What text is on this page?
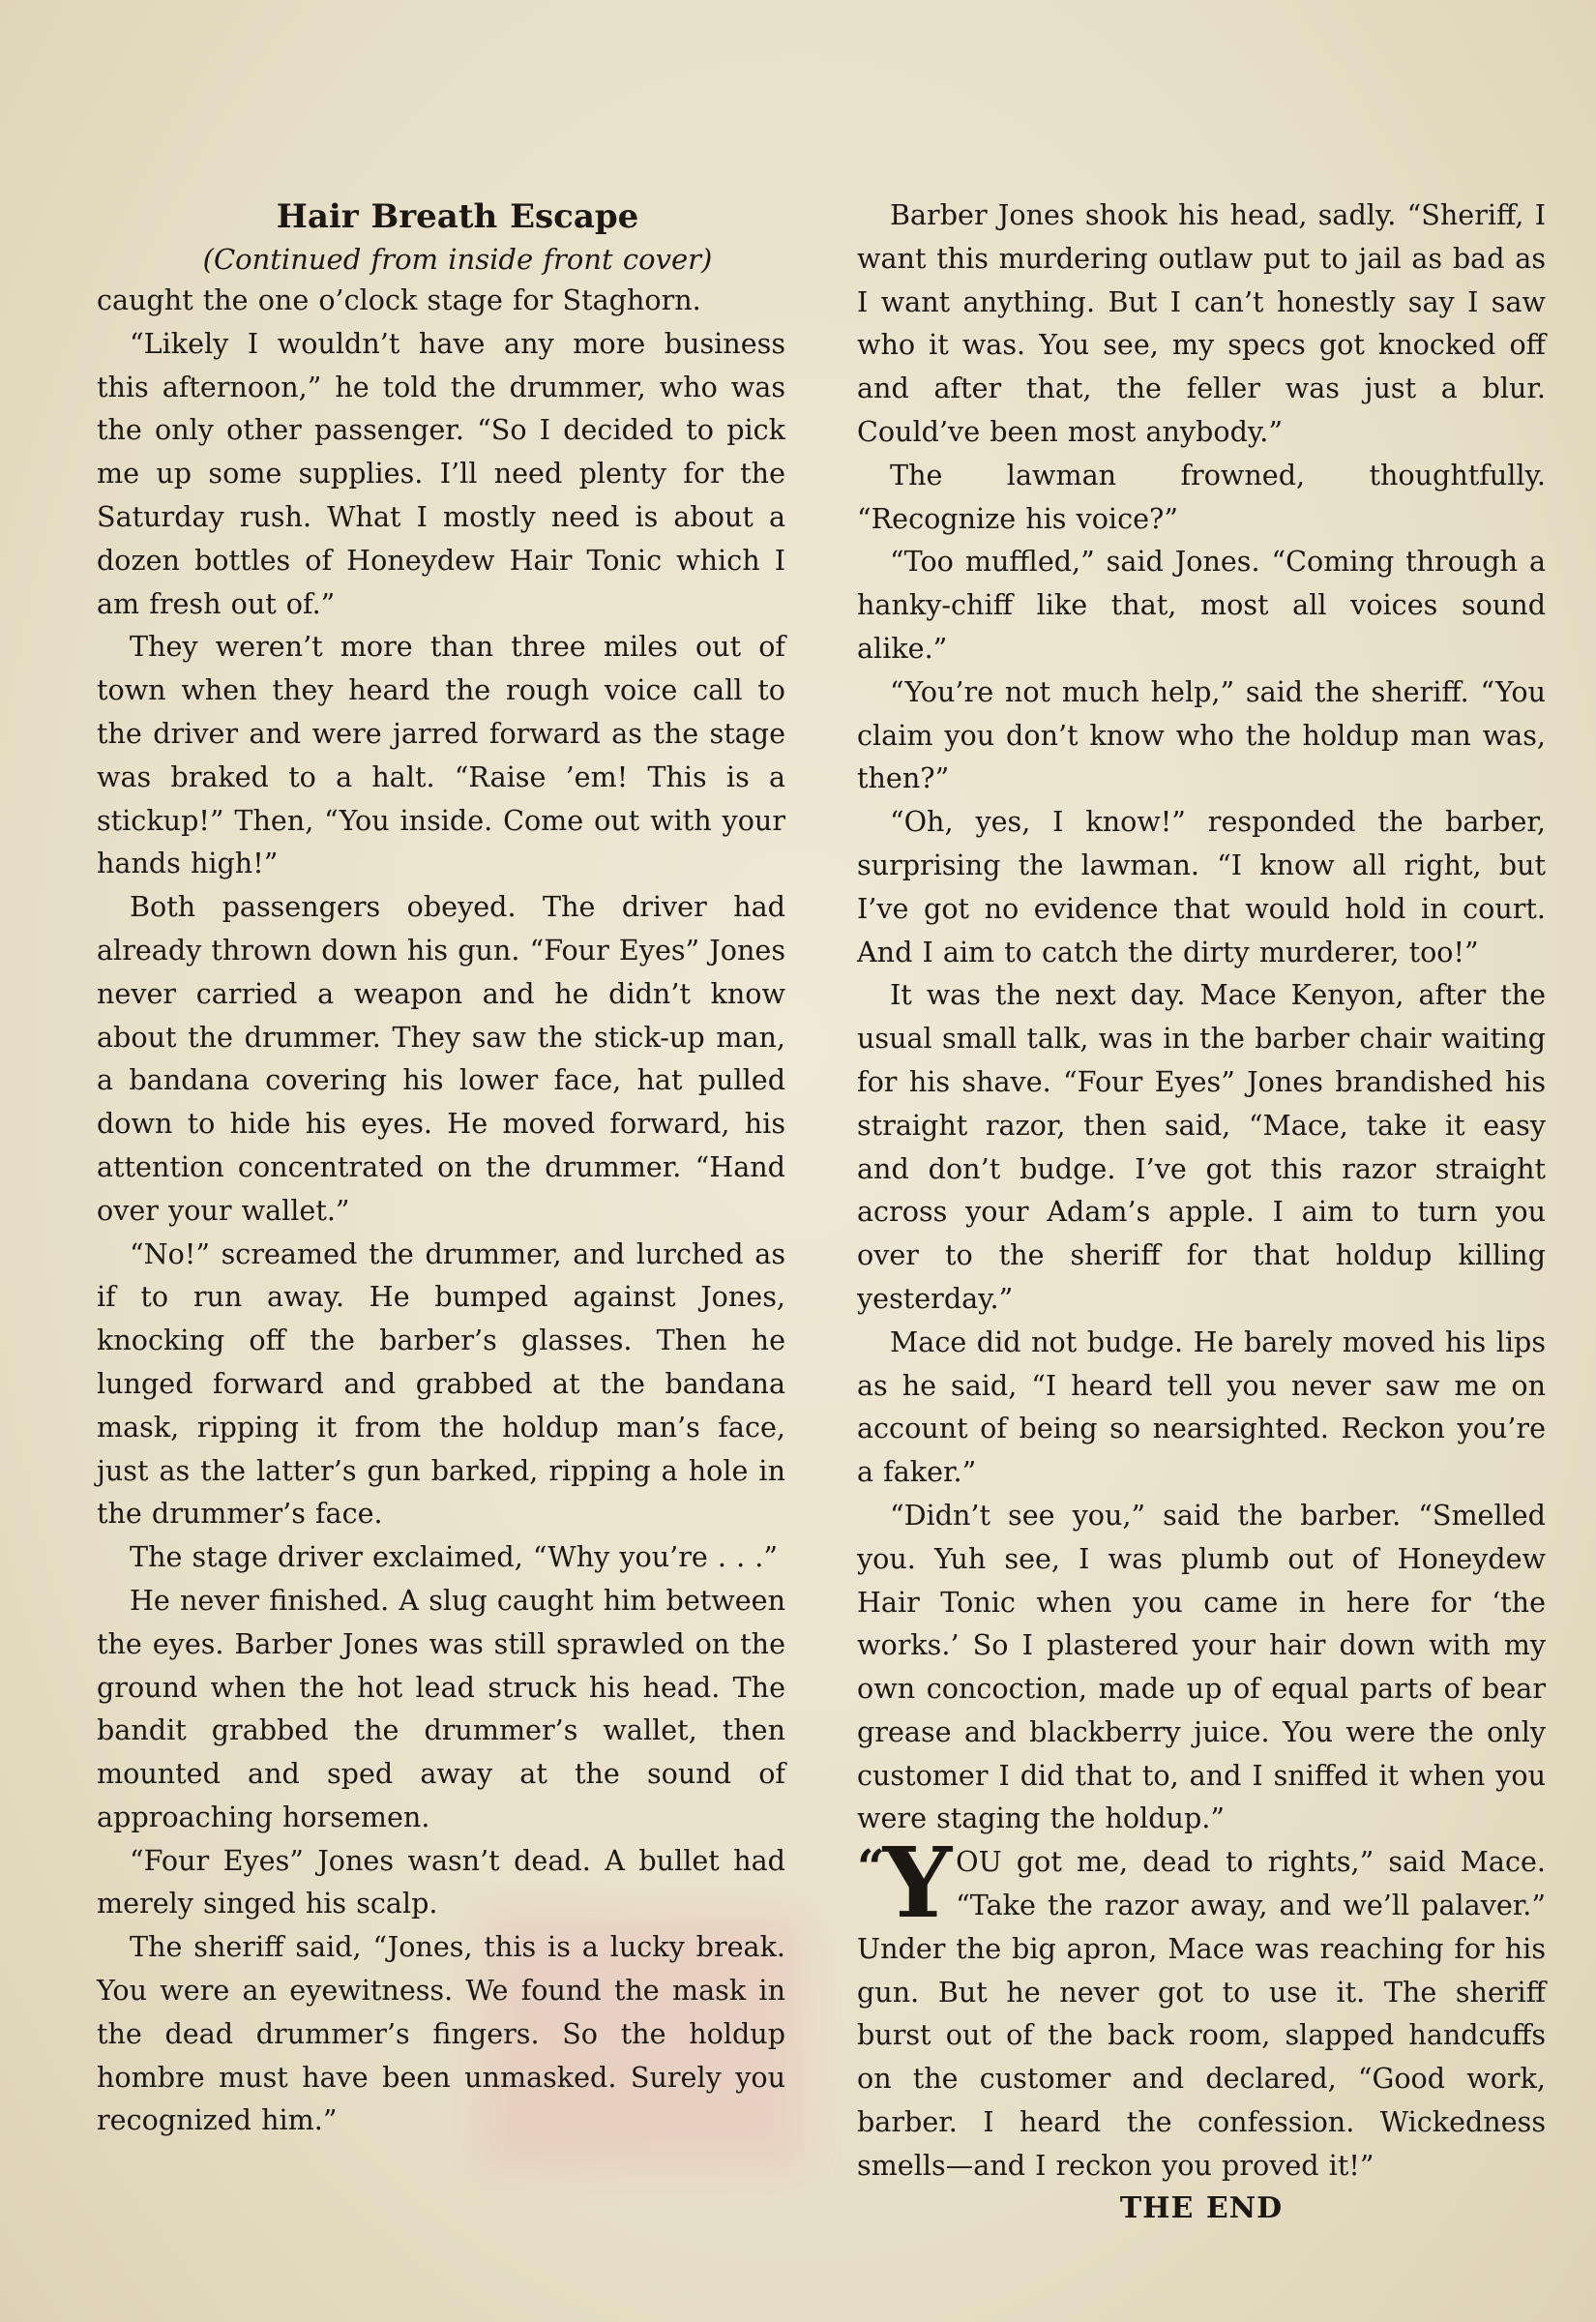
Hair Breath Escape

(Continued from inside front cover)

caught the one o’clock stage for Staghorn.

“Likely I wouldn’t have any more business this afternoon,” he told the drummer, who was the only other passenger. “So I decided to pick me up some supplies. I’ll need plenty for the Saturday rush. What I mostly need is about a dozen bottles of Honeydew Hair Tonic which I am fresh out of.”

They weren’t more than three miles out of town when they heard the rough voice call to the driver and were jarred forward as the stage was braked to a halt. “Raise ’em! This is a stickup!” Then, “You inside. Come out with your hands high!”

Both passengers obeyed. The driver had already thrown down his gun. “Four Eyes” Jones never carried a weapon and he didn’t know about the drummer. They saw the stick-up man, a bandana covering his lower face, hat pulled down to hide his eyes. He moved forward, his attention concentrated on the drummer. “Hand over your wallet.”

“No!” screamed the drummer, and lurched as if to run away. He bumped against Jones, knocking off the barber’s glasses. Then he lunged forward and grabbed at the bandana mask, ripping it from the holdup man’s face, just as the latter’s gun barked, ripping a hole in the drummer’s face.

The stage driver exclaimed, “Why you’re . . .”

He never finished. A slug caught him between the eyes. Barber Jones was still sprawled on the ground when the hot lead struck his head. The bandit grabbed the drummer’s wallet, then mounted and sped away at the sound of approaching horsemen.

“Four Eyes” Jones wasn’t dead. A bullet had merely singed his scalp.

The sheriff said, “Jones, this is a lucky break. You were an eyewitness. We found the mask in the dead drummer’s fingers. So the holdup hombre must have been unmasked. Surely you recognized him.”

Barber Jones shook his head, sadly. “Sheriff, I want this murdering outlaw put to jail as bad as I want anything. But I can’t honestly say I saw who it was. You see, my specs got knocked off and after that, the feller was just a blur. Could’ve been most anybody.”

The lawman frowned, thoughtfully. “Recognize his voice?”

“Too muffled,” said Jones. “Coming through a hanky-chiff like that, most all voices sound alike.”

“You’re not much help,” said the sheriff. “You claim you don’t know who the holdup man was, then?”

“Oh, yes, I know!” responded the barber, surprising the lawman. “I know all right, but I’ve got no evidence that would hold in court. And I aim to catch the dirty murderer, too!”

It was the next day. Mace Kenyon, after the usual small talk, was in the barber chair waiting for his shave. “Four Eyes” Jones brandished his straight razor, then said, “Mace, take it easy and don’t budge. I’ve got this razor straight across your Adam’s apple. I aim to turn you over to the sheriff for that holdup killing yesterday.”

Mace did not budge. He barely moved his lips as he said, “I heard tell you never saw me on account of being so nearsighted. Reckon you’re a faker.”

“Didn’t see you,” said the barber. “Smelled you. Yuh see, I was plumb out of Honeydew Hair Tonic when you came in here for ‘the works.’ So I plastered your hair down with my own concoction, made up of equal parts of bear grease and blackberry juice. You were the only customer I did that to, and I sniffed it when you were staging the holdup.”

“
Y OU got me, dead to rights,” said Mace. “Take the razor away, and we’ll palaver.” Under the big apron, Mace was reaching for his gun. But he never got to use it. The sheriff burst out of the back room, slapped handcuffs on the customer and declared, “Good work, barber. I heard the confession. Wickedness smells—and I reckon you proved it!”

THE END
